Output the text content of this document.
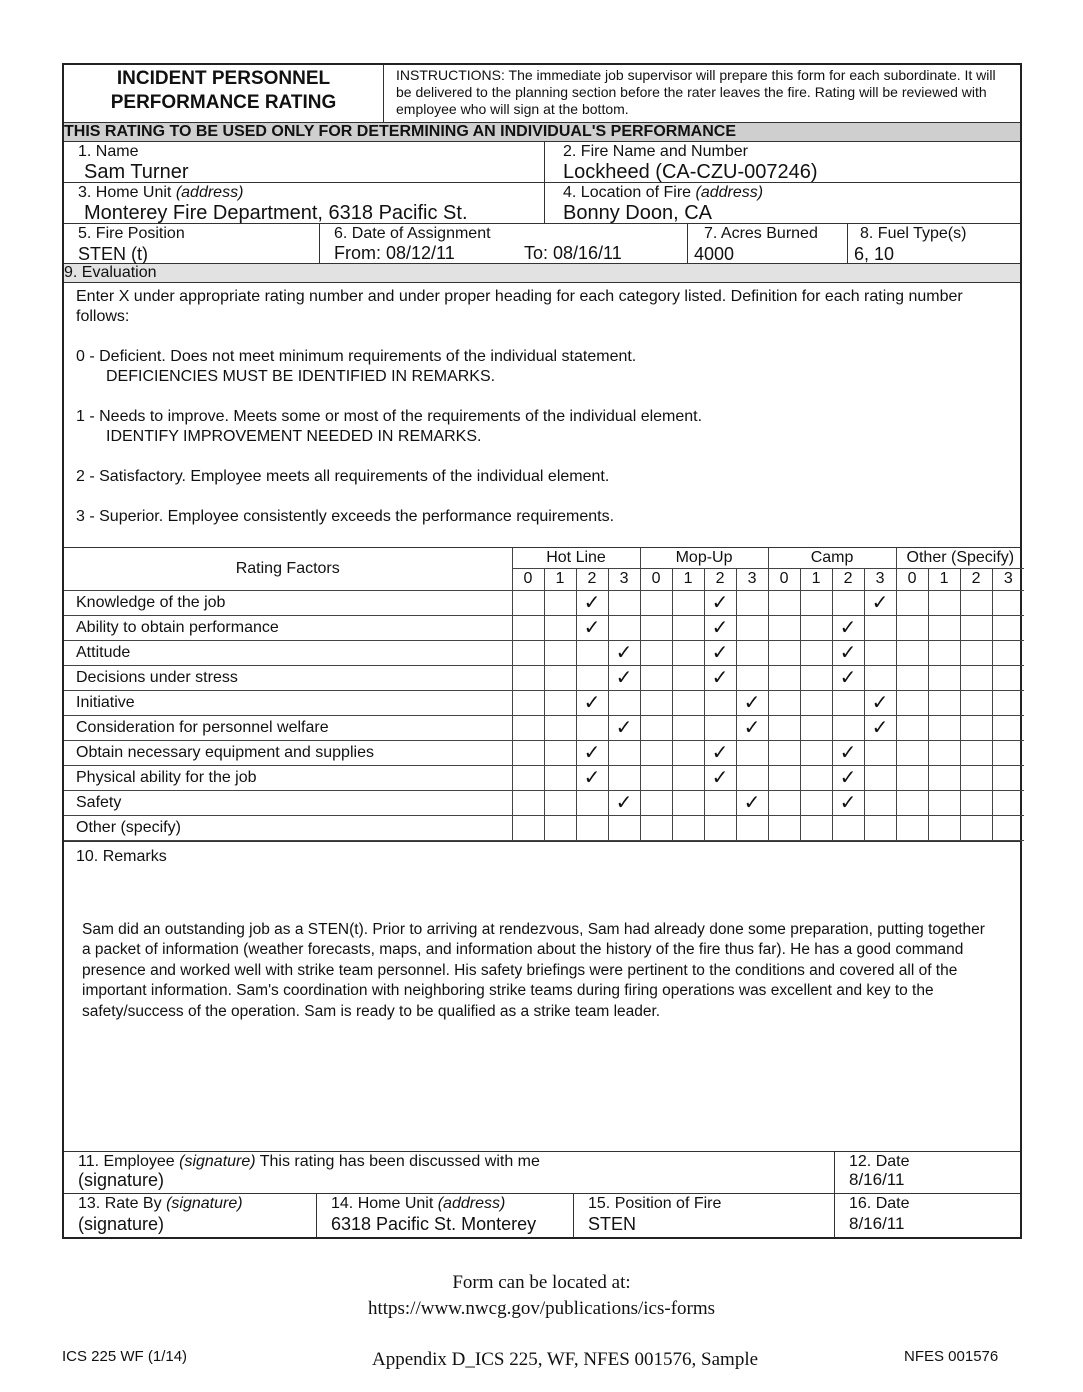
INCIDENT PERSONNEL
PERFORMANCE RATING
INSTRUCTIONS: The immediate job supervisor will prepare this form for each subordinate. It will be delivered to the planning section before the rater leaves the fire. Rating will be reviewed with employee who will sign at the bottom.
THIS RATING TO BE USED ONLY FOR DETERMINING AN INDIVIDUAL'S PERFORMANCE
1. Name
Sam Turner
2. Fire Name and Number
Lockheed (CA-CZU-007246)
3. Home Unit (address)
Monterey Fire Department, 6318 Pacific St.
4. Location of Fire (address)
Bonny Doon, CA
5. Fire Position
STEN (t)
6. Date of Assignment
From: 08/12/11	To: 08/16/11
7. Acres Burned
4000
8. Fuel Type(s)
6, 10
9. Evaluation

Enter X under appropriate rating number and under proper heading for each category listed. Definition for each rating number follows:

0 - Deficient. Does not meet minimum requirements of the individual statement.

DEFICIENCIES MUST BE IDENTIFIED IN REMARKS.

1 - Needs to improve. Meets some or most of the requirements of the individual element.

IDENTIFY IMPROVEMENT NEEDED IN REMARKS.

2 - Satisfactory. Employee meets all requirements of the individual element.

3 - Superior. Employee consistently exceeds the performance requirements.

Rating Factors	Hot Line				Mop-Up				Camp				Other (Specify)			
	0	1	2	3	0	1	2	3	0	1	2	3	0	1	2	3
Knowledge of the job			✓				✓					✓				
Ability to obtain performance			✓				✓				✓					
Attitude				✓			✓				✓					
Decisions under stress				✓			✓				✓					
Initiative			✓					✓				✓				
Consideration for personnel welfare				✓				✓				✓				
Obtain necessary equipment and supplies			✓				✓				✓					
Physical ability for the job			✓				✓				✓					
Safety				✓				✓			✓					
Other (specify)																
10. Remarks
Sam did an outstanding job as a STEN(t). Prior to arriving at rendezvous, Sam had already done some preparation, putting together a packet of information (weather forecasts, maps, and information about the history of the fire thus far). He has a good command presence and worked well with strike team personnel. His safety briefings were pertinent to the conditions and covered all of the important information. Sam's coordination with neighboring strike teams during firing operations was excellent and key to the safety/success of the operation. Sam is ready to be qualified as a strike team leader.
11. Employee (signature) This rating has been discussed with me
(signature)
12. Date
8/16/11
13. Rate By (signature)
(signature)
14. Home Unit (address)
6318 Pacific St. Monterey
15. Position of Fire
STEN
16. Date
8/16/11
Form can be located at:
https://www.nwcg.gov/publications/ics-forms
ICS 225 WF (1/14)	Appendix D_ICS 225, WF, NFES 001576, Sample	NFES 001576
